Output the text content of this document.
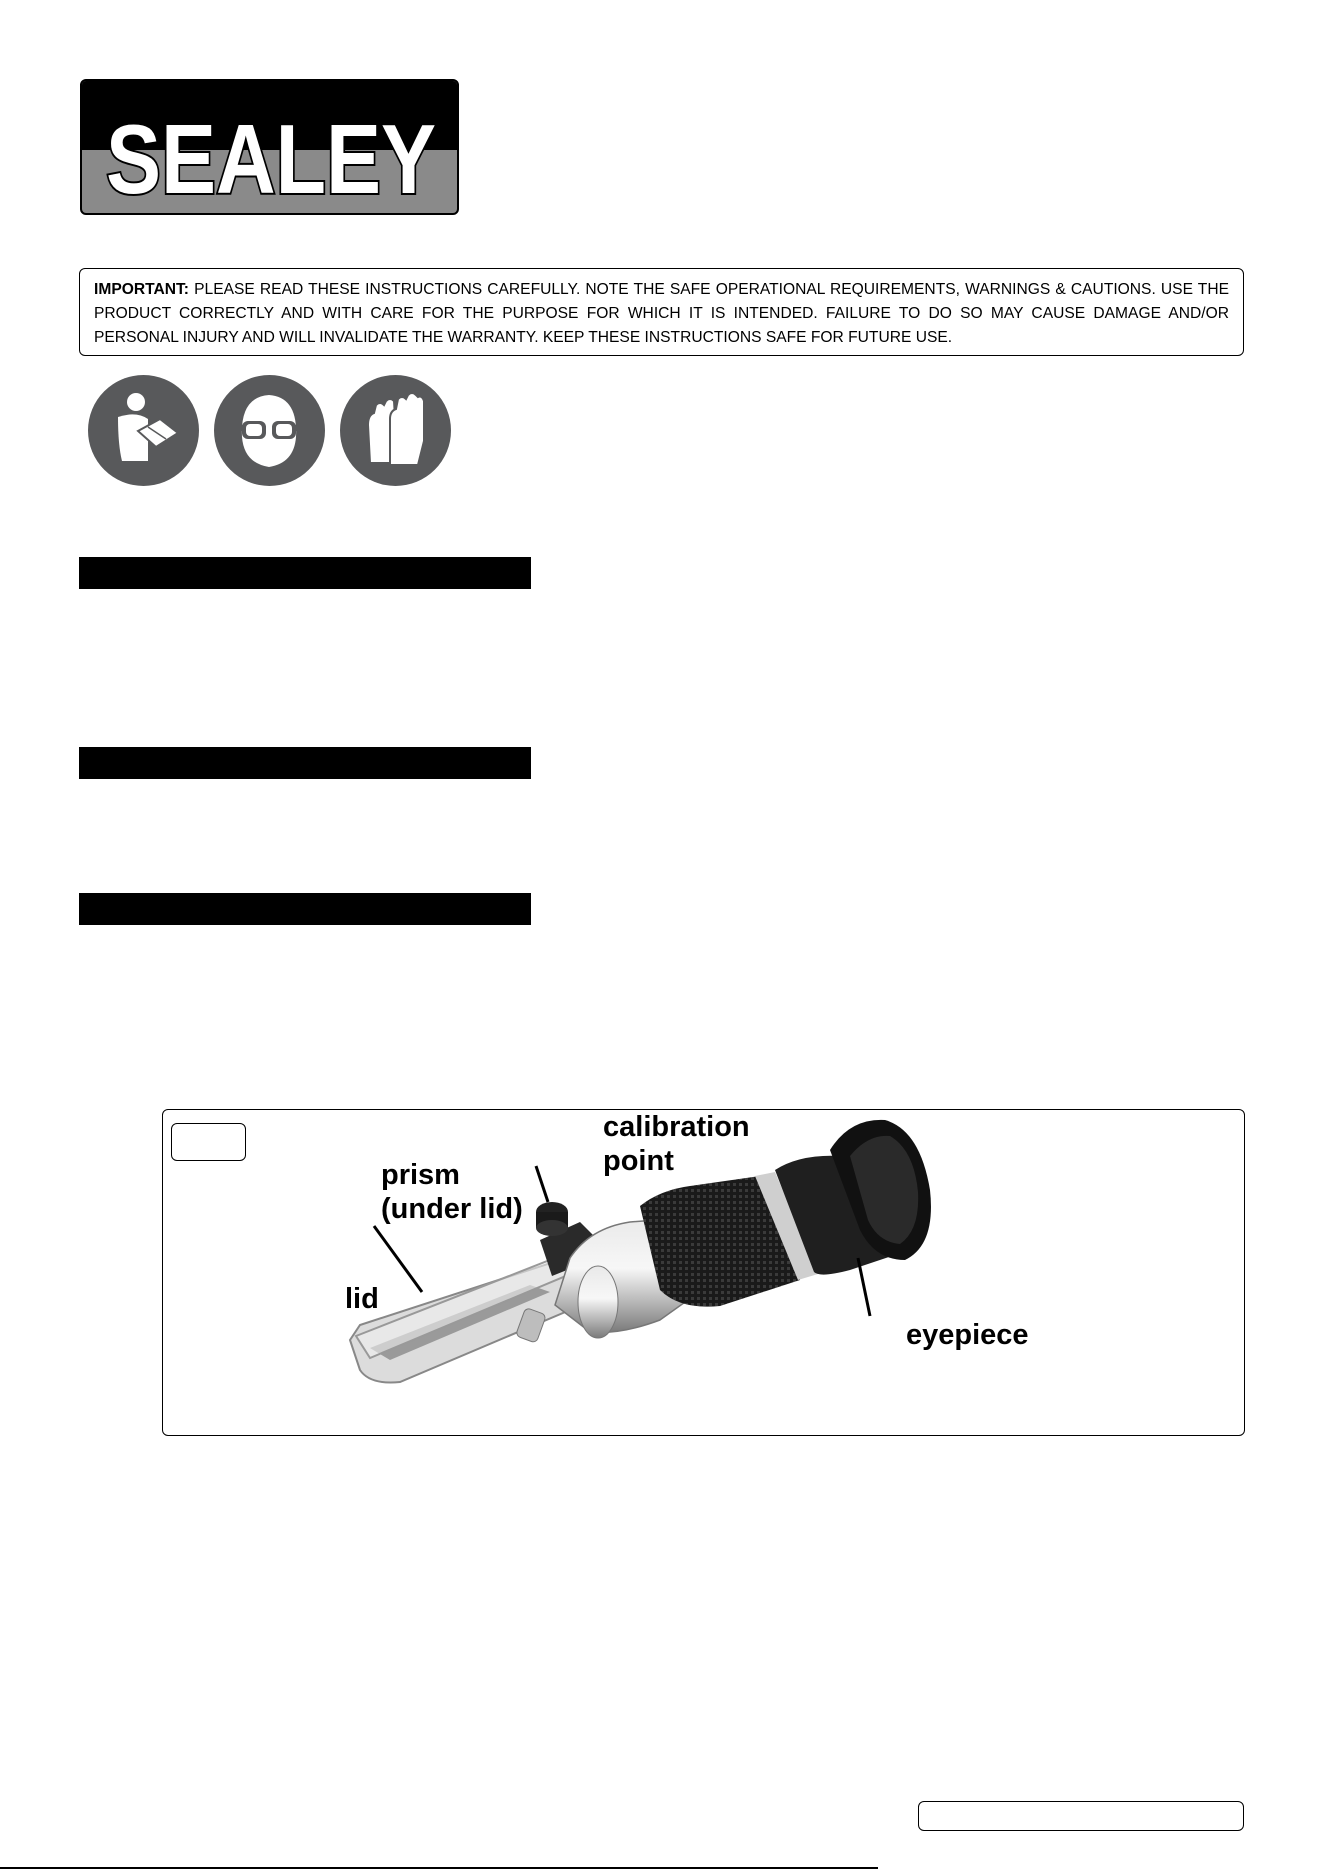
SEALEY
IMPORTANT: PLEASE READ THESE INSTRUCTIONS CAREFULLY. NOTE THE SAFE OPERATIONAL REQUIREMENTS, WARNINGS & CAUTIONS. USE THE PRODUCT CORRECTLY AND WITH CARE FOR THE PURPOSE FOR WHICH IT IS INTENDED. FAILURE TO DO SO MAY CAUSE DAMAGE AND/OR PERSONAL INJURY AND WILL INVALIDATE THE WARRANTY. KEEP THESE INSTRUCTIONS SAFE FOR FUTURE USE.
calibration
point
prism
(under lid)
lid
eyepiece
